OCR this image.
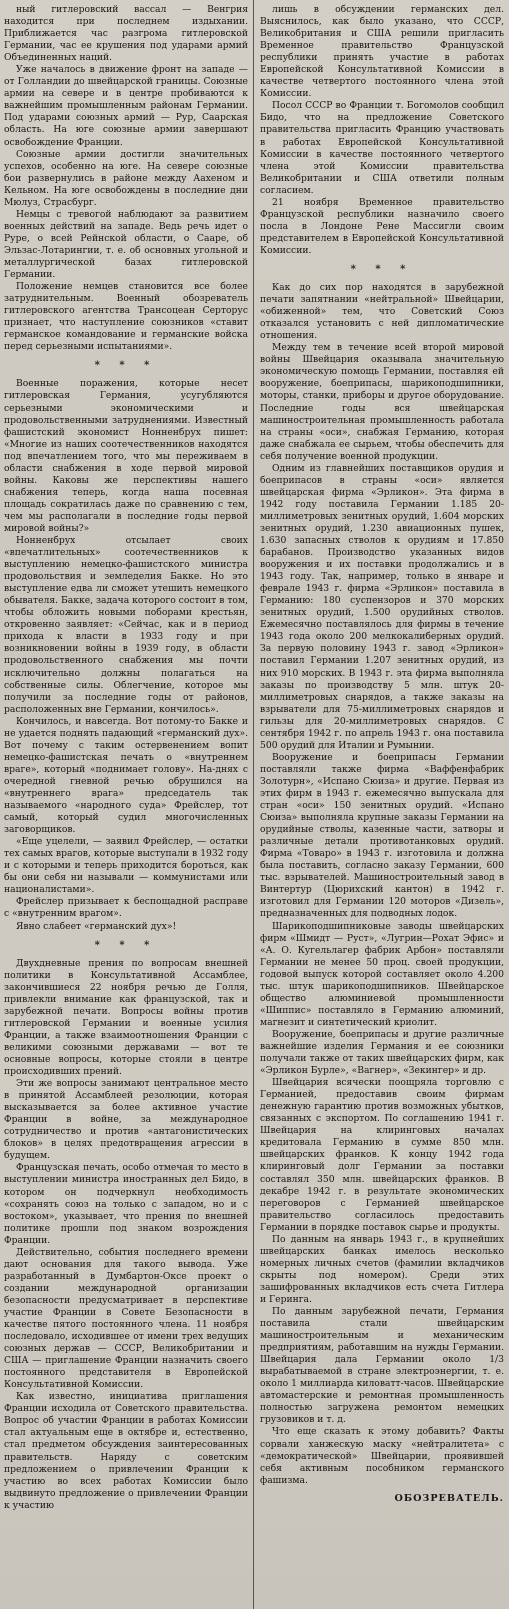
ный гитлеровский вассал — Венгрия находится при последнем издыхании. Приближается час разгрома гитлеровской Германии, час ее крушения под ударами армий Объединенных наций.

Уже началось в движение фронт на западе — от Голландии до швейцарской границы. Союзные армии на севере и в центре пробиваются к важнейшим промышленным районам Германии. Под ударами союзных армий — Рур, Саарская область. На юге союзные армии завершают освобождение Франции.

Союзные армии достигли значительных успехов, особенно на юге. На севере союзные бои развернулись в районе между Аахеном и Кельном. На юге освобождены в последние дни Мюлуз, Страсбург.

Немцы с тревогой наблюдают за развитием военных действий на западе. Ведь речь идет о Руре, о всей Рейнской области, о Сааре, об Эльзас-Лотарингии, т. е. об основных угольной и металлургической базах гитлеровской Германии.

Положение немцев становится все более затруднительным. Военный обозреватель гитлеровского агентства Трансоцеан Серторус признает, что наступление союзников «ставит германское командование и германские войска перед серьезными испытаниями».

* * *

Военные поражения, которые несет гитлеровская Германия, усугубляются серьезными экономическими и продовольственными затруднениями. Известный фашистский экономист Нонненбрух пишет: «Многие из наших соотечественников находятся под впечатлением того, что мы переживаем в области снабжения в ходе первой мировой войны. Каковы же перспективы нашего снабжения теперь, когда наша посевная площадь сократилась даже по сравнению с тем, чем мы располагали в последние годы первой мировой войны?»

Нонненбрух отсылает своих «впечатлительных» соотечественников к выступлению немецко-фашистского министра продовольствия и земледелия Бакке. Но это выступление едва ли сможет утешить немецкого обывателя. Бакке, задача которого состоит в том, чтобы обложить новыми поборами крестьян, откровенно заявляет: «Сейчас, как и в период прихода к власти в 1933 году и при возникновении войны в 1939 году, в области продовольственного снабжения мы почти исключительно должны полагаться на собственные силы. Облегчение, которое мы получили за последние годы от районов, расположенных вне Германии, кончилось».

Кончилось, и навсегда. Вот потому-то Бакке и не удается поднять падающий «германский дух». Вот почему с таким остервенением вопит немецко-фашистская печать о «внутреннем враге», который «поднимает голову». На-днях с очередной гневной речью обрушился на «внутреннего врага» председатель так называемого «народного суда» Фрейслер, тот самый, который судил многочисленных заговорщиков.

«Еще уцелели, — заявил Фрейслер, — остатки тех самых врагов, которые выступали в 1932 году и с которыми и теперь приходится бороться, как бы они себя ни называли — коммунистами или националистами».

Фрейслер призывает к беспощадной расправе с «внутренним врагом».

Явно слабеет «германский дух»!

* * *

Двухдневные прения по вопросам внешней политики в Консультативной Ассамблее, закончившиеся 22 ноября речью де Голля, привлекли внимание как французской, так и зарубежной печати. Вопросы войны против гитлеровской Германии и военные усилия Франции, а также взаимоотношения Франции с великими союзными державами — вот те основные вопросы, которые стояли в центре происходивших прений.

Эти же вопросы занимают центральное место в принятой Ассамблеей резолюции, которая высказывается за более активное участие Франции в войне, за международное сотрудничество и против «антагонистических блоков» в целях предотвращения агрессии в будущем.

Французская печать, особо отмечая то место в выступлении министра иностранных дел Бидо, в котором он подчеркнул необходимость «сохранять союз на только с западом, но и с востоком», указывает, что прения по внешней политике прошли под знаком возрождения Франции.

Действительно, события последнего времени дают основания для такого вывода. Уже разработанный в Думбартон-Оксе проект о создании международной организации безопасности предусматривает в перспективе участие Франции в Совете Безопасности в качестве пятого постоянного члена. 11 ноября последовало, исходившее от имени трех ведущих союзных держав — СССР, Великобритании и США — приглашение Франции назначить своего постоянного представителя в Европейской Консультативной Комиссии.

Как известно, инициатива приглашения Франции исходила от Советского правительства. Вопрос об участии Франции в работах Комиссии стал актуальным еще в октябре и, естественно, стал предметом обсуждения заинтересованных правительств. Наряду с советским предложением о привлечении Франции к участию во всех работах Комиссии было выдвинуто предложение о привлечении Франции к участию

лишь в обсуждении германских дел. Выяснилось, как было указано, что СССР, Великобритания и США решили пригласить Временное правительство Французской республики принять участие в работах Европейской Консультативной Комиссии в качестве четвертого постоянного члена этой Комиссии.

Посол СССР во Франции т. Богомолов сообщил Бидо, что на предложение Советского правительства пригласить Францию участвовать в работах Европейской Консультативной Комиссии в качестве постоянного четвертого члена этой Комиссии правительства Великобритании и США ответили полным согласием.

21 ноября Временное правительство Французской республики назначило своего посла в Лондоне Рене Массигли своим представителем в Европейской Консультативной Комиссии.

* * *

Как до сих пор находятся в зарубежной печати запятнании «нейтральной» Швейцарии, «обиженной» тем, что Советский Союз отказался установить с ней дипломатические отношения.

Между тем в течение всей второй мировой войны Швейцария оказывала значительную экономическую помощь Германии, поставляя ей вооружение, боеприпасы, шарикоподшипники, моторы, станки, приборы и другое оборудование. Последние годы вся швейцарская машиностроительная промышленность работала на страны «оси», снабжая Германию, которая даже снабжала ее сырьем, чтобы обеспечить для себя получение военной продукции.

Одним из главнейших поставщиков орудия и боеприпасов в страны «оси» является швейцарская фирма «Эрликон». Эта фирма в 1942 году поставила Германии 1.185 20-миллиметровых зенитных орудий, 1.604 морских зенитных орудий, 1.230 авиационных пушек, 1.630 запасных стволов к орудиям и 17.850 барабанов. Производство указанных видов вооружения и их поставки продолжались и в 1943 году. Так, например, только в январе и феврале 1943 г. фирма «Эрликон» поставила в Германию: 180 суспензоров и 370 морских зенитных орудий, 1.500 орудийных стволов. Ежемесячно поставлялось для фирмы в течение 1943 года около 200 мелкокалиберных орудий. За первую половину 1943 г. завод «Эрликон» поставил Германии 1.207 зенитных орудий, из них 910 морских. В 1943 г. эта фирма выполняла заказы по производству 5 млн. штук 20-миллиметровых снарядов, а также заказы на взрыватели для 75-миллиметровых снарядов и гильзы для 20-миллиметровых снарядов. С сентября 1942 г. по апрель 1943 г. она поставила 500 орудий для Италии и Румынии.

Вооружение и боеприпасы Германии поставляли также фирма «Ваффенфабрик Золотурн», «Испано Сюиза» и другие. Первая из этих фирм в 1943 г. ежемесячно выпускала для стран «оси» 150 зенитных орудий. «Испано Сюиза» выполняла крупные заказы Германии на орудийные стволы, казенные части, затворы и различные детали противотанковых орудий. Фирма «Товаро» в 1943 г. изготовила и должна была поставить, согласно заказу Германии, 600 тыс. взрывателей. Машиностроительный завод в Винтертур (Цюрихский кантон) в 1942 г. изготовил для Германии 120 моторов «Дизель», предназначенных для подводных лодок.

Шарикоподшипниковые заводы швейцарских фирм «Шмидт — Руст», «Лугрин—Рохат Эфис» и «А. О. Кугельлагер фабрик Арбон» поставляли Германии не менее 50 проц. своей продукции, годовой выпуск которой составляет около 4.200 тыс. штук шарикоподшипников. Швейцарское общество алюминиевой промышленности «Шиппис» поставляло в Германию алюминий, магнезит и синтетический криолит.

Вооружение, боеприпасы и другие различные важнейшие изделия Германия и ее союзники получали также от таких швейцарских фирм, как «Эрликон Бурле», «Вагнер», «Зекингер» и др.

Швейцария всячески поощряла торговлю с Германией, предоставив своим фирмам денежную гарантию против возможных убытков, связанных с экспортом. По соглашению 1941 г. Швейцария на клиринговых началах кредитовала Германию в сумме 850 млн. швейцарских франков. К концу 1942 года клиринговый долг Германии за поставки составлял 350 млн. швейцарских франков. В декабре 1942 г. в результате экономических переговоров с Германией швейцарское правительство согласилось предоставить Германии в порядке поставок сырье и продукты.

По данным на январь 1943 г., в крупнейших швейцарских банках имелось несколько номерных личных счетов (фамилии вкладчиков скрыты под номером). Среди этих зашифрованных вкладчиков есть счета Гитлера и Геринга.

По данным зарубежной печати, Германия поставила стали швейцарским машиностроительным и механическим предприятиям, работавшим на нужды Германии. Швейцария дала Германии около 1/3 вырабатываемой в стране электроэнергии, т. е. около 1 миллиарда киловатт-часов. Швейцарские автомастерские и ремонтная промышленность полностью загружена ремонтом немецких грузовиков и т. д.

Что еще сказать к этому добавить? Факты сорвали ханжескую маску «нейтралитета» с «демократической» Швейцарии, проявившей себя активным пособником германского фашизма.

ОБОЗРЕВАТЕЛЬ.
